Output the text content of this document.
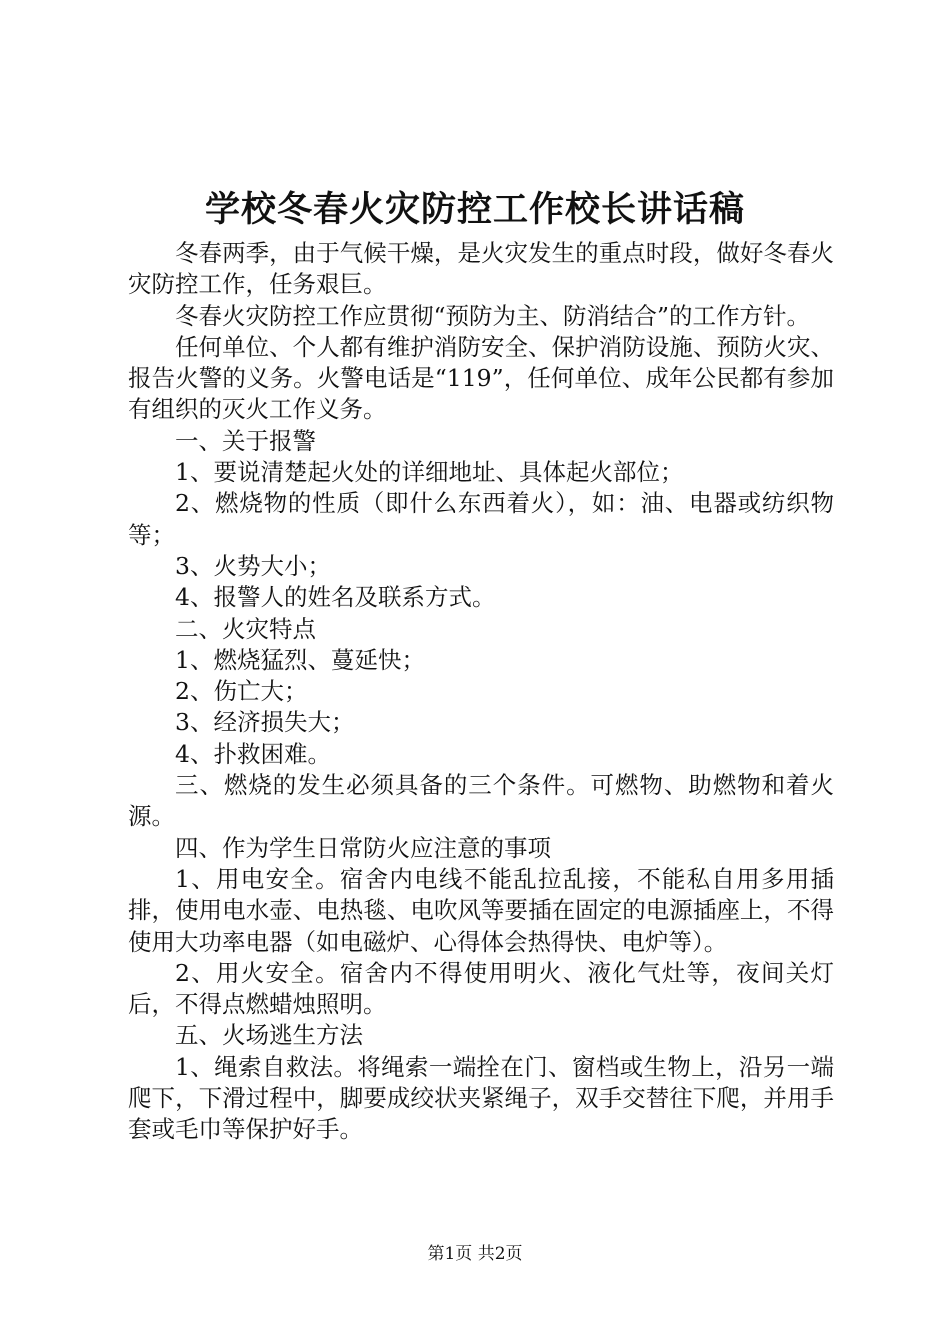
学校冬春火灾防控工作校长讲话稿

冬春两季，由于气候干燥，是火灾发生的重点时段，做好冬春火灾防控工作，任务艰巨。

冬春火灾防控工作应贯彻“预防为主、防消结合”的工作方针。

任何单位、个人都有维护消防安全、保护消防设施、预防火灾、报告火警的义务。火警电话是“119”，任何单位、成年公民都有参加有组织的灭火工作义务。

一、关于报警

1、要说清楚起火处的详细地址、具体起火部位；

2、燃烧物的性质（即什么东西着火），如：油、电器或纺织物等；

3、火势大小；

4、报警人的姓名及联系方式。

二、火灾特点

1、燃烧猛烈、蔓延快；

2、伤亡大；

3、经济损失大；

4、扑救困难。

三、燃烧的发生必须具备的三个条件。可燃物、助燃物和着火源。

四、作为学生日常防火应注意的事项

1、用电安全。宿舍内电线不能乱拉乱接，不能私自用多用插排，使用电水壶、电热毯、电吹风等要插在固定的电源插座上，不得使用大功率电器（如电磁炉、心得体会热得快、电炉等）。

2、用火安全。宿舍内不得使用明火、液化气灶等，夜间关灯后，不得点燃蜡烛照明。

五、火场逃生方法

1、绳索自救法。将绳索一端拴在门、窗档或生物上，沿另一端爬下，下滑过程中，脚要成绞状夹紧绳子，双手交替往下爬，并用手套或毛巾等保护好手。

第1页 共2页
